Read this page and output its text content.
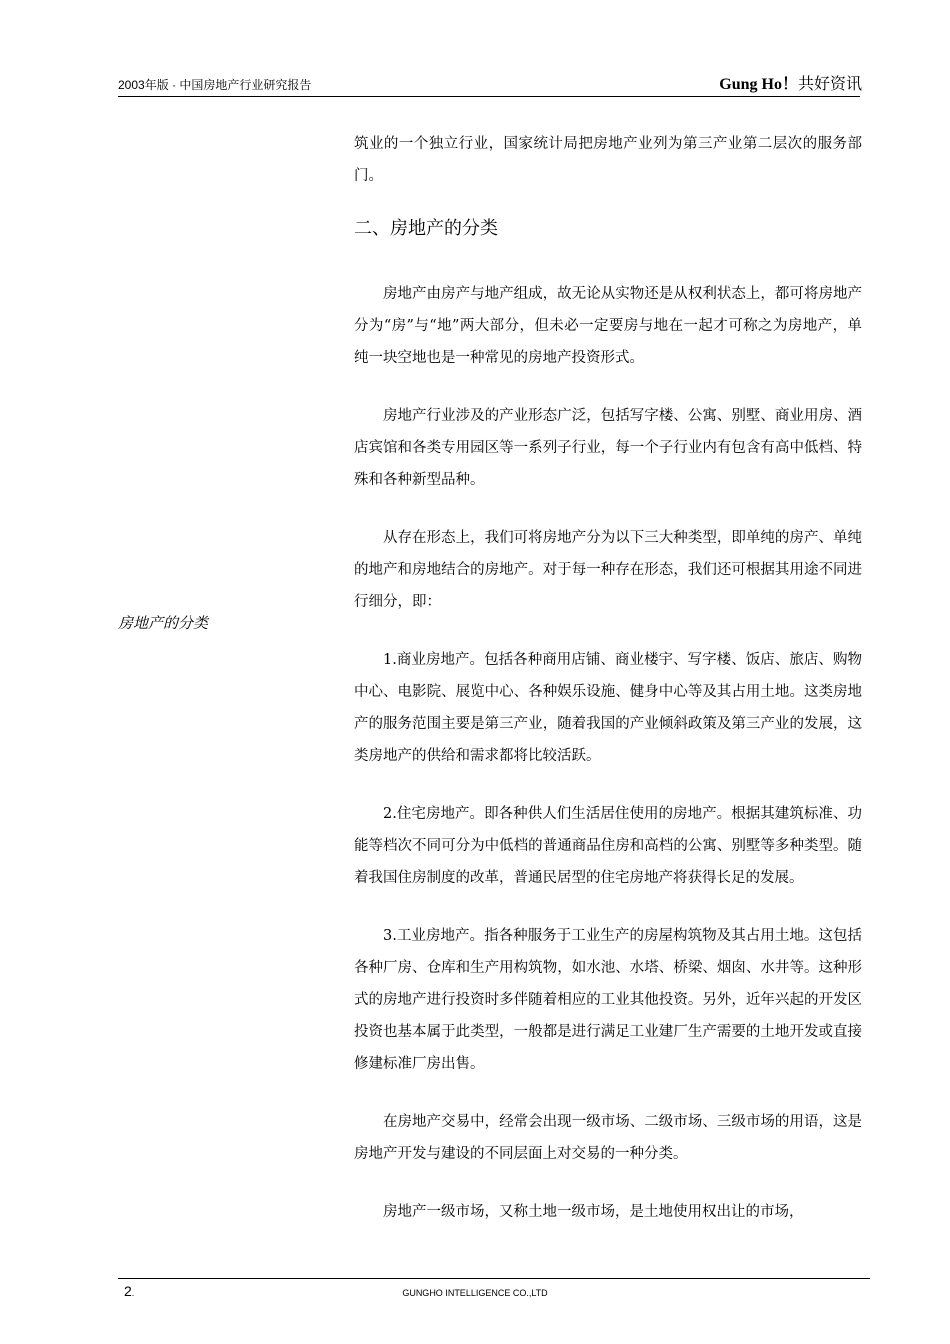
2003年版 · 中国房地产行业研究报告	Gung Ho！共好资讯
房地产的分类

筑业的一个独立行业，国家统计局把房地产业列为第三产业第二层次的服务部门。

二、房地产的分类

房地产由房产与地产组成，故无论从实物还是从权利状态上，都可将房地产分为“房”与“地”两大部分，但未必一定要房与地在一起才可称之为房地产，单纯一块空地也是一种常见的房地产投资形式。

房地产行业涉及的产业形态广泛，包括写字楼、公寓、别墅、商业用房、酒店宾馆和各类专用园区等一系列子行业，每一个子行业内有包含有高中低档、特殊和各种新型品种。

从存在形态上，我们可将房地产分为以下三大种类型，即单纯的房产、单纯的地产和房地结合的房地产。对于每一种存在形态，我们还可根据其用途不同进行细分，即：

1.商业房地产。包括各种商用店铺、商业楼宇、写字楼、饭店、旅店、购物中心、电影院、展览中心、各种娱乐设施、健身中心等及其占用土地。这类房地产的服务范围主要是第三产业，随着我国的产业倾斜政策及第三产业的发展，这类房地产的供给和需求都将比较活跃。

2.住宅房地产。即各种供人们生活居住使用的房地产。根据其建筑标准、功能等档次不同可分为中低档的普通商品住房和高档的公寓、别墅等多种类型。随着我国住房制度的改革，普通民居型的住宅房地产将获得长足的发展。

3.工业房地产。指各种服务于工业生产的房屋构筑物及其占用土地。这包括各种厂房、仓库和生产用构筑物，如水池、水塔、桥梁、烟囱、水井等。这种形式的房地产进行投资时多伴随着相应的工业其他投资。另外，近年兴起的开发区投资也基本属于此类型，一般都是进行满足工业建厂生产需要的土地开发或直接修建标准厂房出售。

在房地产交易中，经常会出现一级市场、二级市场、三级市场的用语，这是房地产开发与建设的不同层面上对交易的一种分类。

房地产一级市场，又称土地一级市场，是土地使用权出让的市场，

2.	GUNGHO INTELLIGENCE CO.,LTD
